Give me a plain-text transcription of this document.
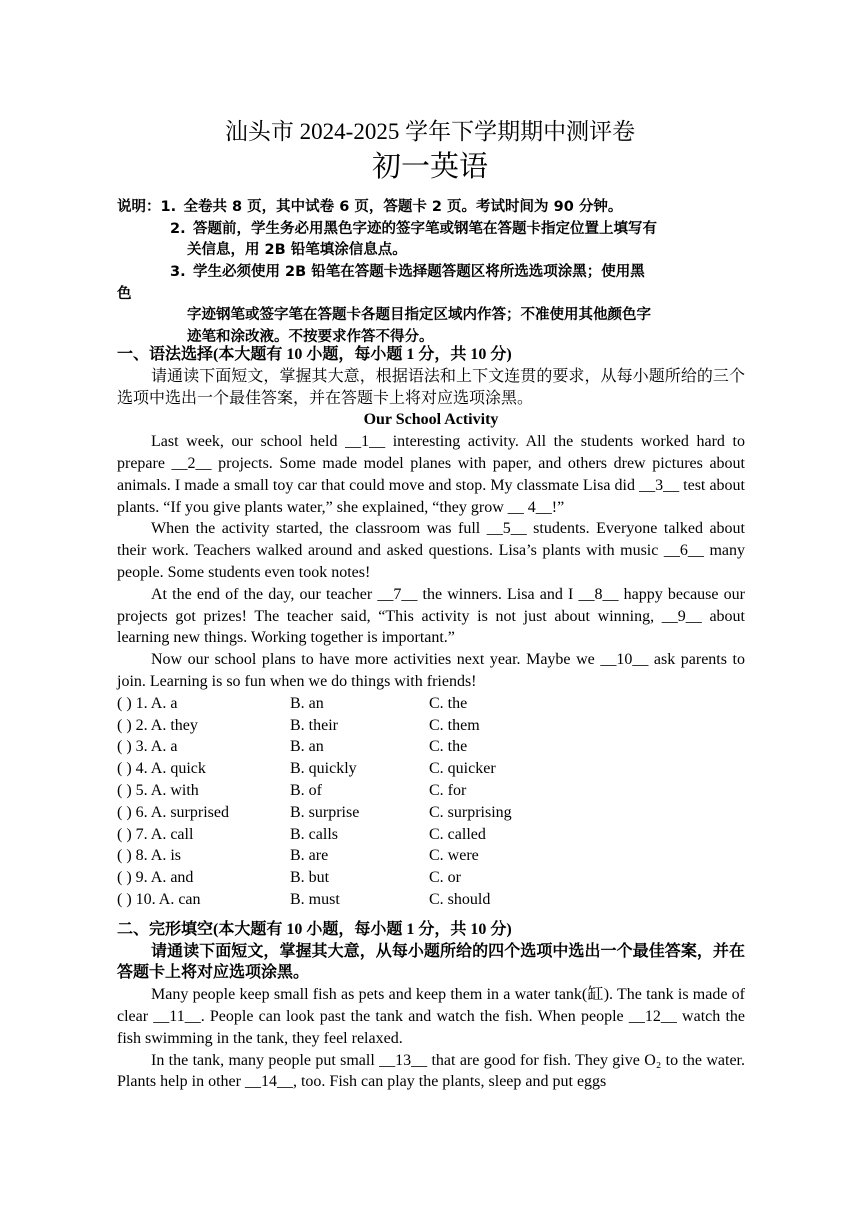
汕头市 2024-2025 学年下学期期中测评卷
初一英语
说明：1. 全卷共 8 页，其中试卷 6 页，答题卡 2 页。考试时间为 90 分钟。
2. 答题前，学生务必用黑色字迹的签字笔或钢笔在答题卡指定位置上填写有
关信息，用 2B 铅笔填涂信息点。
3. 学生必须使用 2B 铅笔在答题卡选择题答题区将所选选项涂黑；使用黑
色
字迹钢笔或签字笔在答题卡各题目指定区域内作答；不准使用其他颜色字
迹笔和涂改液。不按要求作答不得分。
一、语法选择(本大题有 10 小题，每小题 1 分，共 10 分)
请通读下面短文，掌握其大意，根据语法和上下文连贯的要求，从每小题所给的三个选项中选出一个最佳答案，并在答题卡上将对应选项涂黑。
Our School Activity
Last week, our school held __1__ interesting activity. All the students worked hard to prepare __2__ projects. Some made model planes with paper, and others drew pictures about animals. I made a small toy car that could move and stop. My classmate Lisa did __3__ test about plants. “If you give plants water,” she explained, “they grow __ 4__!”
When the activity started, the classroom was full __5__ students. Everyone talked about their work. Teachers walked around and asked questions. Lisa’s plants with music __6__ many people. Some students even took notes!
At the end of the day, our teacher __7__ the winners. Lisa and I __8__ happy because our projects got prizes! The teacher said, “This activity is not just about winning, __9__ about learning new things. Working together is important.”
Now our school plans to have more activities next year. Maybe we __10__ ask parents to join. Learning is so fun when we do things with friends!
( ) 1. A. a	B. an	C. the
( ) 2. A. they	B. their	C. them
( ) 3. A. a	B. an	C. the
( ) 4. A. quick	B. quickly	C. quicker
( ) 5. A. with	B. of	C. for
( ) 6. A. surprised	B. surprise	C. surprising
( ) 7. A. call	B. calls	C. called
( ) 8. A. is	B. are	C. were
( ) 9. A. and	B. but	C. or
( ) 10. A. can	B. must	C. should
二、完形填空(本大题有 10 小题，每小题 1 分，共 10 分)
请通读下面短文，掌握其大意，从每小题所给的四个选项中选出一个最佳答案，并在答题卡上将对应选项涂黑。
Many people keep small fish as pets and keep them in a water tank(缸). The tank is made of clear __11__. People can look past the tank and watch the fish. When people __12__ watch the fish swimming in the tank, they feel relaxed.
In the tank, many people put small __13__ that are good for fish. They give O₂ to the water. Plants help in other __14__, too. Fish can play the plants, sleep and put eggs
